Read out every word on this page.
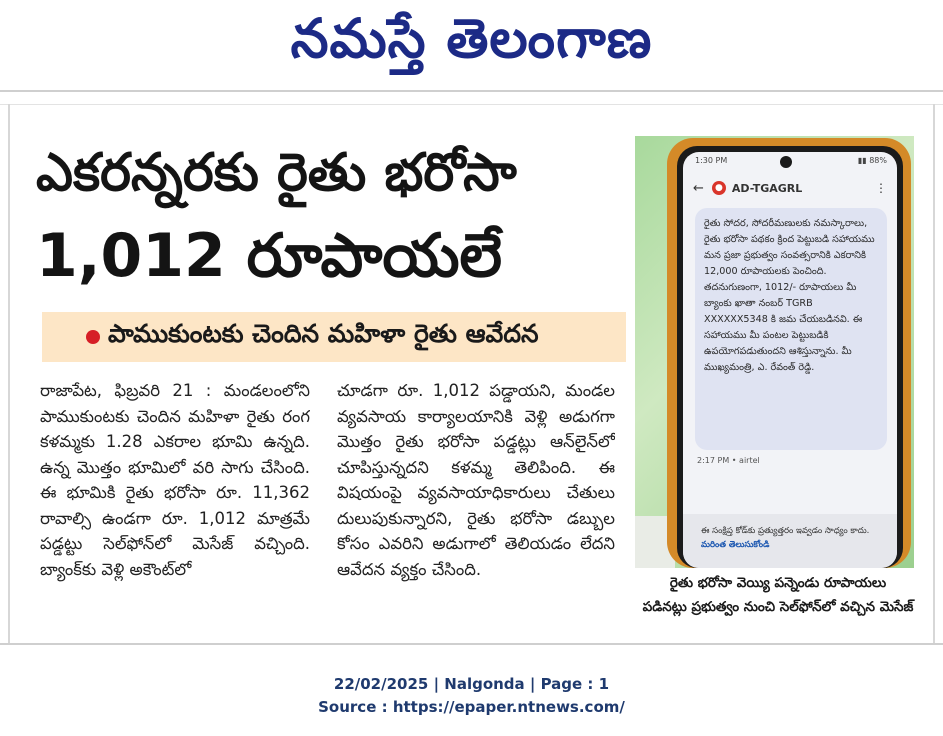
నమస్తే తెలంగాణ
ఎకరన్నరకు రైతు భరోసా
1,012 రూపాయలే
పాముకుంటకు చెందిన మహిళా రైతు ఆవేదన

రాజాపేట, ఫిబ్రవరి 21 : మండలంలోని పాముకుంటకు చెందిన మహిళా రైతు రంగ కళమ్మకు 1.28 ఎకరాల భూమి ఉన్నది. ఉన్న మొత్తం భూమిలో వరి సాగు చేసింది. ఈ భూమికి రైతు భరోసా రూ. 11,362 రావాల్సి ఉండగా రూ. 1,012 మాత్రమే పడ్డట్టు సెల్‌ఫోన్‌లో మెసేజ్ వచ్చింది. బ్యాంక్‌కు వెళ్లి అకౌంట్‌లో

చూడగా రూ. 1,012 పడ్డాయని, మండల వ్యవసాయ కార్యాలయానికి వెళ్లి అడుగగా మొత్తం రైతు భరోసా పడ్డట్లు ఆన్‌లైన్‌లో చూపిస్తున్నదని కళమ్మ తెలిపింది. ఈ విషయంపై వ్యవసాయాధికారులు చేతులు దులుపుకున్నారని, రైతు భరోసా డబ్బుల కోసం ఎవరిని అడుగాలో తెలియడం లేదని ఆవేదన వ్యక్తం చేసింది.

1:30 PM	▮▮ 88%
←	● AD-TGAGRL	⋮
రైతు సోదర, సోదరీమణులకు నమస్కారాలు, రైతు భరోసా పథకం క్రింద పెట్టుబడి సహాయము మన ప్రజా ప్రభుత్వం సంవత్సరానికి ఎకరానికి 12,000 రూపాయలకు పెంచింది. తదనుగుణంగా, 1012/- రూపాయలు మీ బ్యాంకు ఖాతా నంబర్ TGRB XXXXXX5348 కి జమ చేయబడినవి. ఈ సహాయము మీ పంటల పెట్టుబడికి ఉపయోగపడుతుందని ఆశిస్తున్నాను. మీ ముఖ్యమంత్రి, ఎ. రేవంత్ రెడ్డి.
2:17 PM • airtel
ఈ సంక్షిప్త కోడ్‌కు ప్రత్యుత్తరం ఇవ్వడం సాధ్యం కాదు. మరింత తెలుసుకోండి
రైతు భరోసా వెయ్యి పన్నెండు రూపాయలు
పడినట్లు ప్రభుత్వం నుంచి సెల్‌ఫోన్‌లో వచ్చిన మెసేజ్
22/02/2025 | Nalgonda | Page : 1
Source : https://epaper.ntnews.com/
